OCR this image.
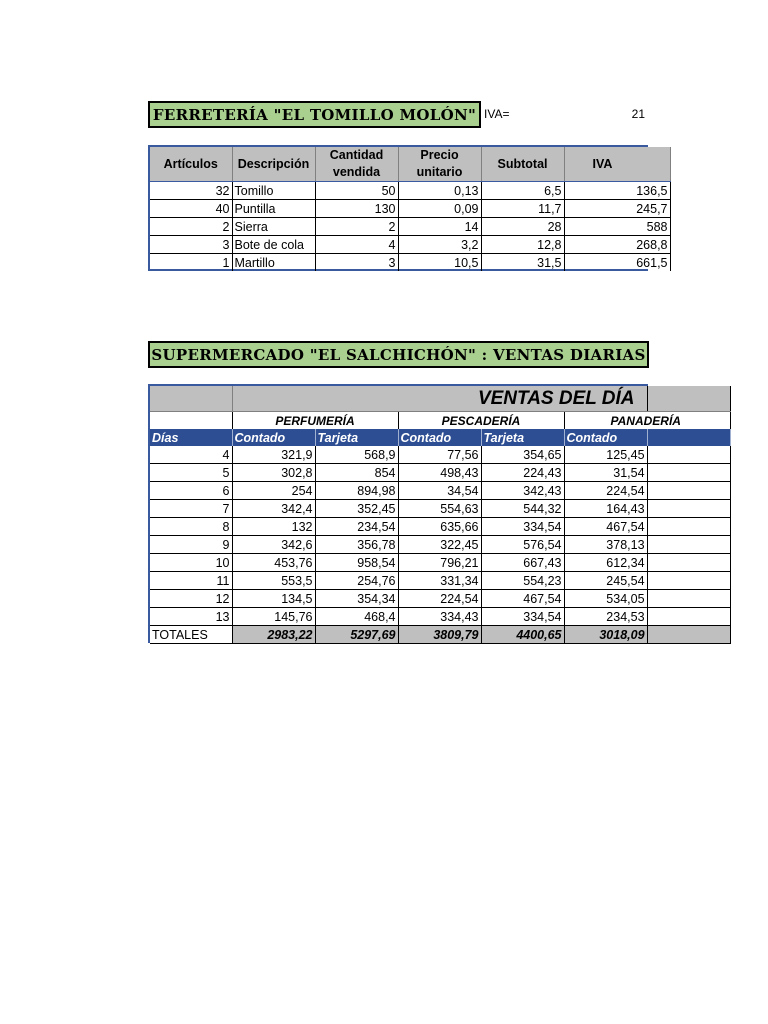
FERRETERÍA "EL TOMILLO MOLÓN" IVA=	21
Artículos	Descripción	Cantidad vendida	Precio unitario	Subtotal	IVA
32	Tomillo	50	0,13	6,5	136,5
40	Puntilla	130	0,09	11,7	245,7
2	Sierra	2	14	28	588
3	Bote de cola	4	3,2	12,8	268,8
1	Martillo	3	10,5	31,5	661,5
SUPERMERCADO "EL SALCHICHÓN" : VENTAS DIARIAS
	VENTAS DEL DÍA					
	PERFUMERÍA		PESCADERÍA		PANADERÍA	
Días	Contado	Tarjeta	Contado	Tarjeta	Contado	
4	321,9	568,9	77,56	354,65	125,45	
5	302,8	854	498,43	224,43	31,54	
6	254	894,98	34,54	342,43	224,54	
7	342,4	352,45	554,63	544,32	164,43	
8	132	234,54	635,66	334,54	467,54	
9	342,6	356,78	322,45	576,54	378,13	
10	453,76	958,54	796,21	667,43	612,34	
11	553,5	254,76	331,34	554,23	245,54	
12	134,5	354,34	224,54	467,54	534,05	
13	145,76	468,4	334,43	334,54	234,53	
TOTALES	2983,22	5297,69	3809,79	4400,65	3018,09	
